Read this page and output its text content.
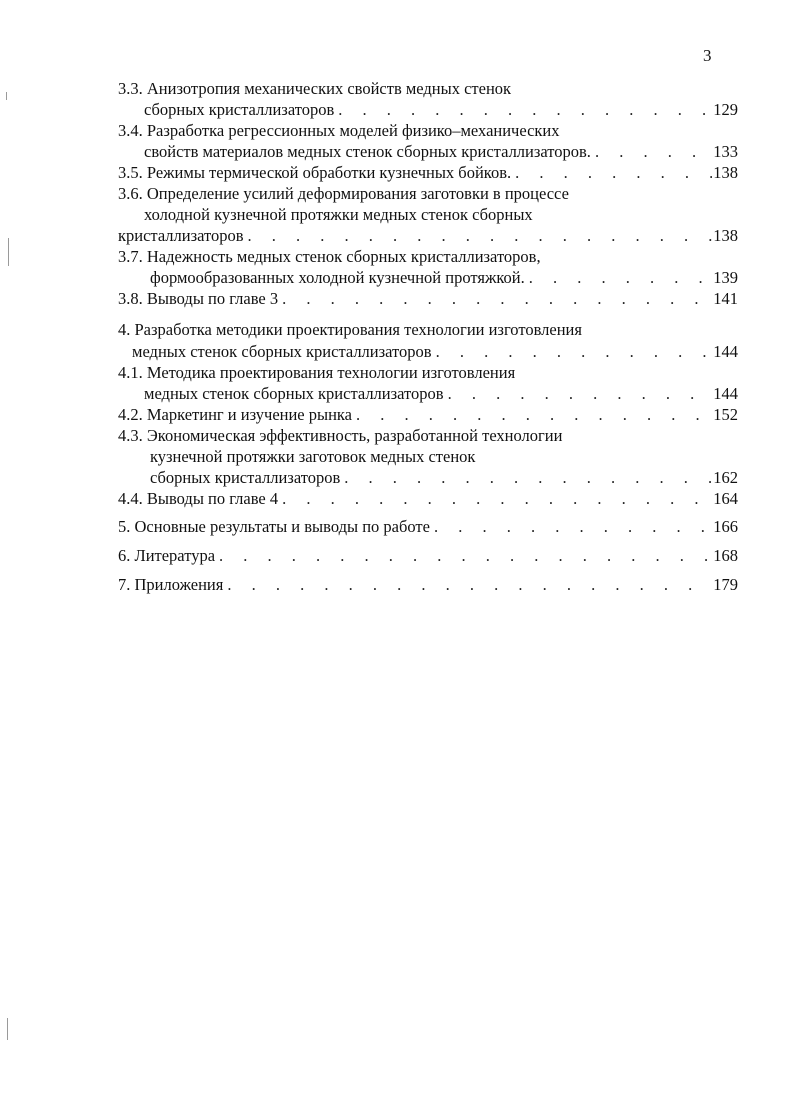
3
3.3. Анизотропия механических свойств медных стенок
сборных кристаллизаторов . . .	129
3.4. Разработка регрессионных моделей физико–механических
свойств материалов медных стенок сборных кристаллизаторов. . . .	133
3.5. Режимы термической обработки кузнечных бойков. . . .	138
3.6. Определение усилий деформирования заготовки в процессе
холодной кузнечной протяжки медных стенок сборных
кристаллизаторов . . .	138
3.7. Надежность медных стенок сборных кристаллизаторов,
формообразованных холодной кузнечной протяжкой. . . .	139
3.8. Выводы по главе 3 . . .	141
4. Разработка методики проектирования технологии изготовления
медных стенок сборных кристаллизаторов . . .	144
4.1. Методика проектирования технологии изготовления
медных стенок сборных кристаллизаторов . . .	144
4.2. Маркетинг и изучение рынка . . .	152
4.3. Экономическая эффективность, разработанной технологии
кузнечной протяжки заготовок медных стенок
сборных кристаллизаторов . . .	162
4.4. Выводы по главе 4 . . .	164
5. Основные результаты и выводы по работе . . .	166
6. Литература . . .	168
7. Приложения . . .	179
